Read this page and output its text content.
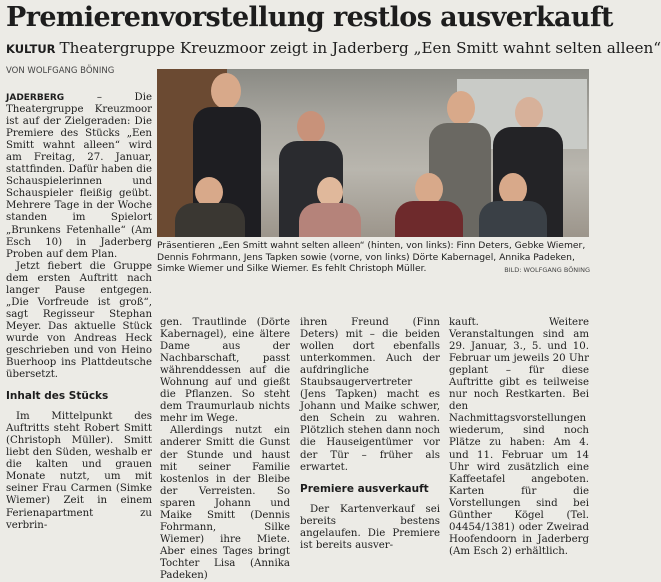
Premierenvorstellung restlos ausverkauft
KULTUR Theatergruppe Kreuzmoor zeigt in Jaderberg „Een Smitt wahnt selten alleen“
VON WOLFGANG BÖNING
Präsentieren „Een Smitt wahnt selten alleen“ (hinten, von links): Finn Deters, Gebke Wiemer, Dennis Fohrmann, Jens Tapken sowie (vorne, von links) Dörte Kabernagel, Annika Padeken, Simke Wiemer und Silke Wiemer. Es fehlt Christoph Müller.	BILD: WOLFGANG BÖNING

JADERBERG – Die Theatergruppe Kreuzmoor ist auf der Zielgeraden: Die Premiere des Stücks „Een Smitt wahnt alleen“ wird am Freitag, 27. Januar, stattfinden. Dafür haben die Schauspielerinnen und Schauspieler fleißig geübt. Mehrere Tage in der Woche standen im Spielort „Brunkens Fetenhalle“ (Am Esch 10) in Jaderberg Proben auf dem Plan.

Jetzt fiebert die Gruppe dem ersten Auftritt nach langer Pause entgegen. „Die Vorfreude ist groß“, sagt Regisseur Stephan Meyer. Das aktuelle Stück wurde von Andreas Heck geschrieben und von Heino Buerhoop ins Plattdeutsche übersetzt.

Inhalt des Stücks

Im Mittelpunkt des Auftritts steht Robert Smitt (Christoph Müller). Smitt liebt den Süden, weshalb er die kalten und grauen Monate nutzt, um mit seiner Frau Carmen (Simke Wiemer) Zeit in einem Ferienapartment zu verbrin-

gen. Trautlinde (Dörte Kabernagel), eine ältere Dame aus der Nachbarschaft, passt währenddessen auf die Wohnung auf und gießt die Pflanzen. So steht dem Traumurlaub nichts mehr im Wege.

Allerdings nutzt ein anderer Smitt die Gunst der Stunde und haust mit seiner Familie kostenlos in der Bleibe der Verreisten. So sparen Johann und Maike Smitt (Dennis Fohrmann, Silke Wiemer) ihre Miete. Aber eines Tages bringt Tochter Lisa (Annika Padeken)

ihren Freund (Finn Deters) mit – die beiden wollen dort ebenfalls unterkommen. Auch der aufdringliche Staubsaugervertreter (Jens Tapken) macht es Johann und Maike schwer, den Schein zu wahren. Plötzlich stehen dann noch die Hauseigentümer vor der Tür – früher als erwartet.

Premiere ausverkauft

Der Kartenverkauf sei bereits bestens angelaufen. Die Premiere ist bereits ausver-

kauft. Weitere Veranstaltungen sind am 29. Januar, 3., 5. und 10. Februar um jeweils 20 Uhr geplant – für diese Auftritte gibt es teilweise nur noch Restkarten. Bei den Nachmittagsvorstellungen wiederum, sind noch Plätze zu haben: Am 4. und 11. Februar um 14 Uhr wird zusätzlich eine Kaffeetafel angeboten. Karten für die Vorstellungen sind bei Günther Kögel (Tel. 04454/1381) oder Zweirad Hoofendoorn in Jaderberg (Am Esch 2) erhältlich.
